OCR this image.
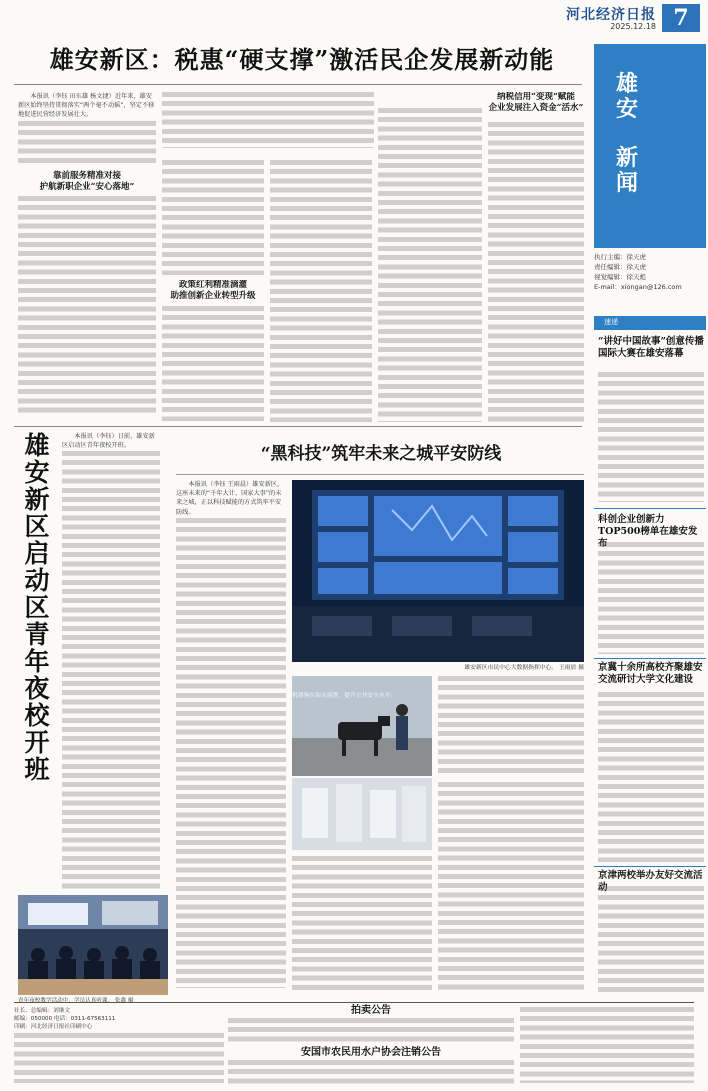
河北经济日报
2025.12.18 7
雄安新区：税惠“硬支撑”激活民企发展新动能

本报讯（李钰 田东雄 杨文捷）近年来，雄安新区始终坚持贯彻落实“两个毫不动摇”，坚定不移地促进民营经济发展壮大。

靠前服务精准对接
护航新职企业“安心落地”
政策红利精准滴灌
助推创新企业转型升级
纳税信用“变现”赋能
企业发展注入资金“活水”
雄安新区启动区青年夜校开班

本报讯（李钰）日前，雄安新区启动区青年夜校开班。

青年夜校教学活动中，学员认真听课。 张鑫 摄
“黑科技”筑牢未来之城平安防线

本报讯（李钰 王雨晨）雄安新区，这座未来的“千年大计、国家大事”的未来之城，正以科技赋能的方式筑牢平安防线。

雄安新区市民中心大数据指挥中心。 王雨晨 摄
机器狗在街头巡逻，提升公共安全水平。
雄安
新闻
执行主编：徐天虎
责任编辑：徐天虎
视觉编辑：徐天彪
E-mail：xiongan@126.com
速递
“讲好中国故事”创意传播国际大赛在雄安落幕
科创企业创新力TOP500榜单在雄安发布
京冀十余所高校齐聚雄安交流研讨大学文化建设
京津两校举办友好交流活动
社长、总编辑：刘继文
邮编：050000 电话：0311-67563111
印刷：河北经济日报社印刷中心
拍卖公告
安国市农民用水户协会注销公告
